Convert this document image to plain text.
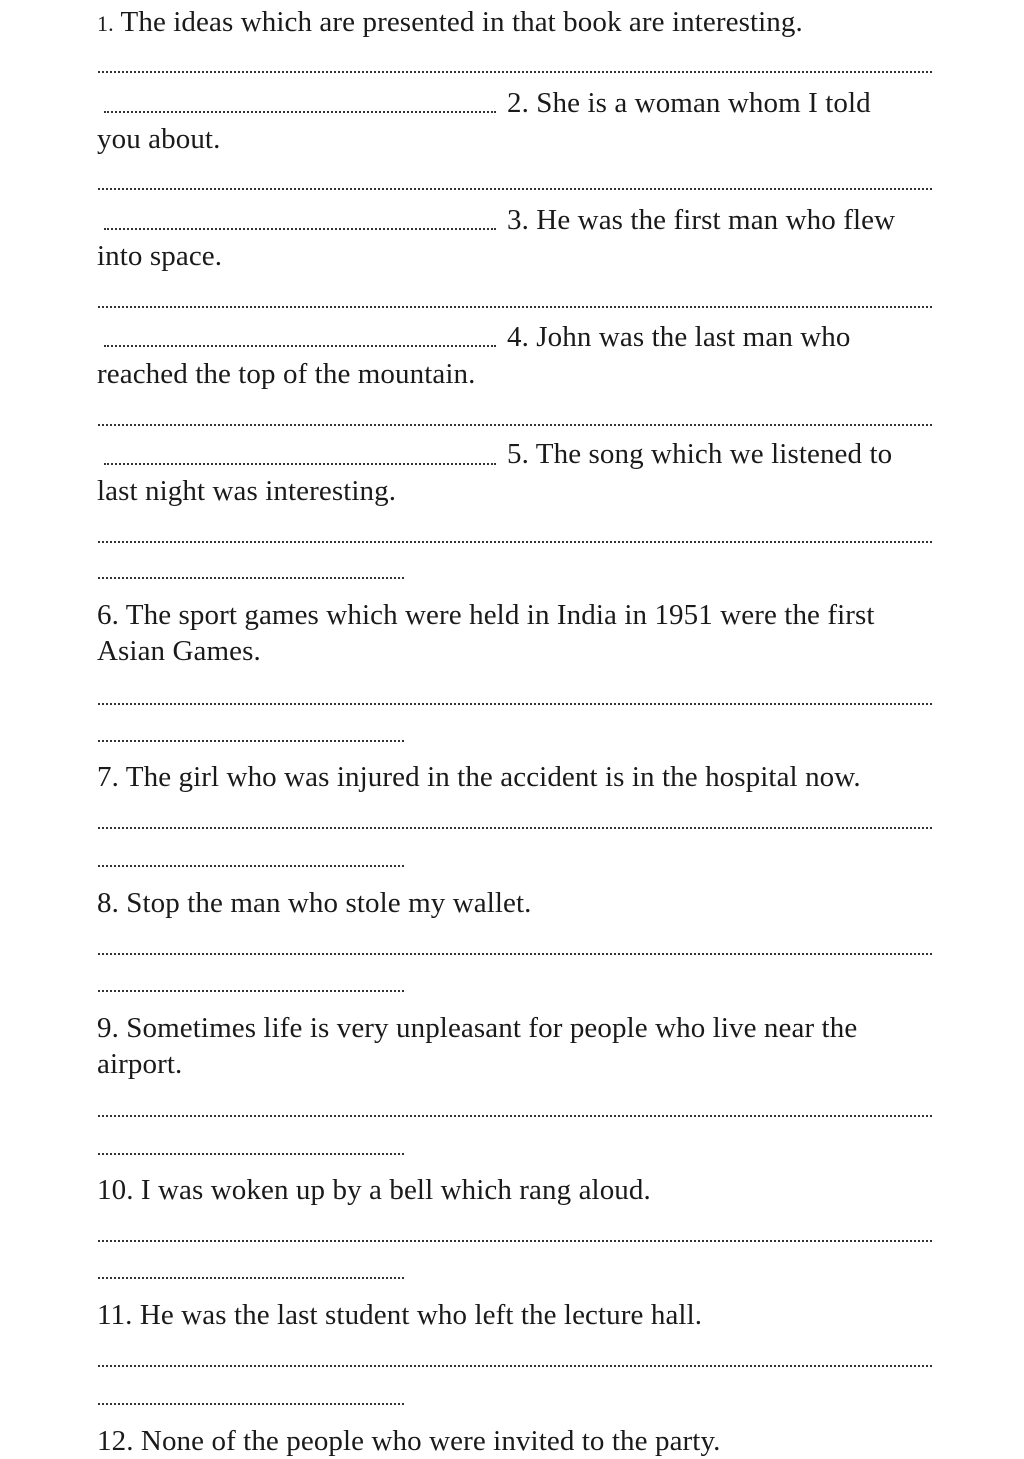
1. The ideas which are presented in that book are interesting.
2. She is a woman whom I told
you about.
3. He was the first man who flew
into space.
4. John was the last man who
reached the top of the mountain.
5. The song which we listened to
last night was interesting.
6. The sport games which were held in India in 1951 were the first
Asian Games.
7. The girl who was injured in the accident is in the hospital now.
8. Stop the man who stole my wallet.
9. Sometimes life is very unpleasant for people who live near the
airport.
10. I was woken up by a bell which rang aloud.
11. He was the last student who left the lecture hall.
12. None of the people who were invited to the party.
